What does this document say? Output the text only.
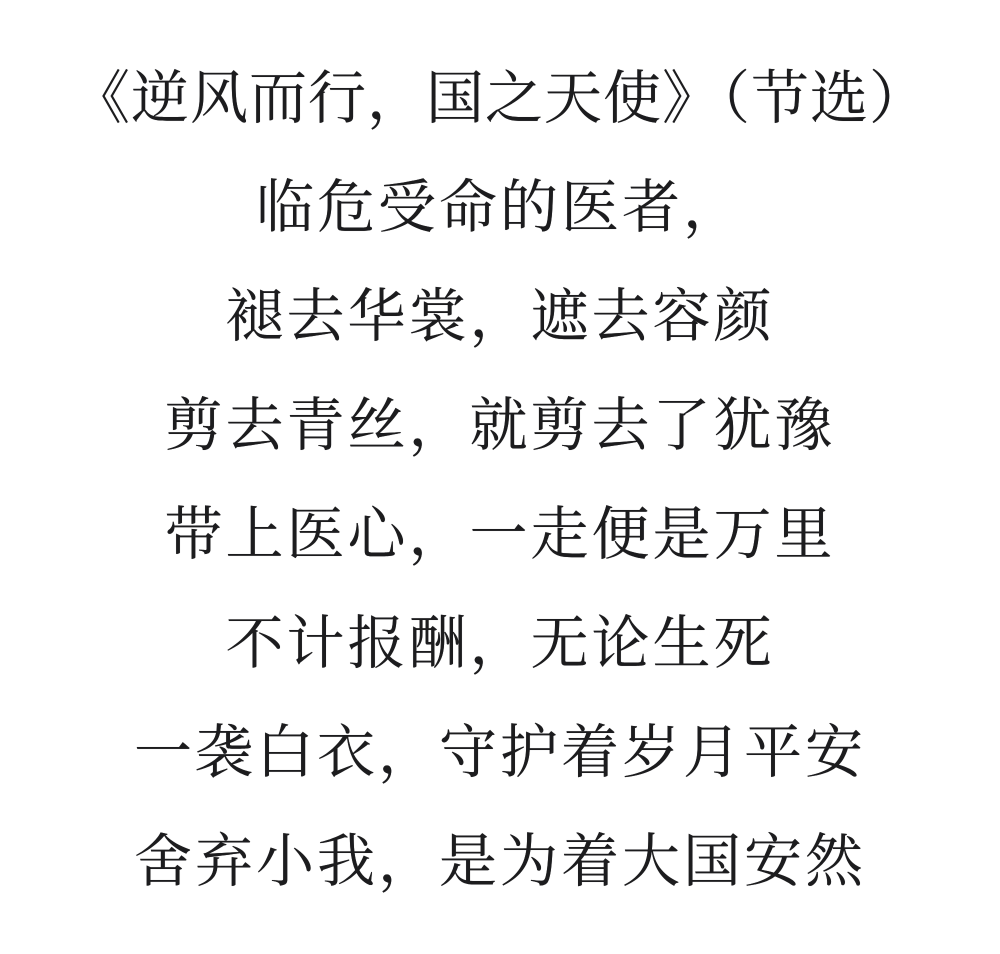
《逆风而行，国之天使》（节选）
临危受命的医者，
褪去华裳，遮去容颜
剪去青丝，就剪去了犹豫
带上医心，一走便是万里
不计报酬，无论生死
一袭白衣，守护着岁月平安
舍弃小我，是为着大国安然
